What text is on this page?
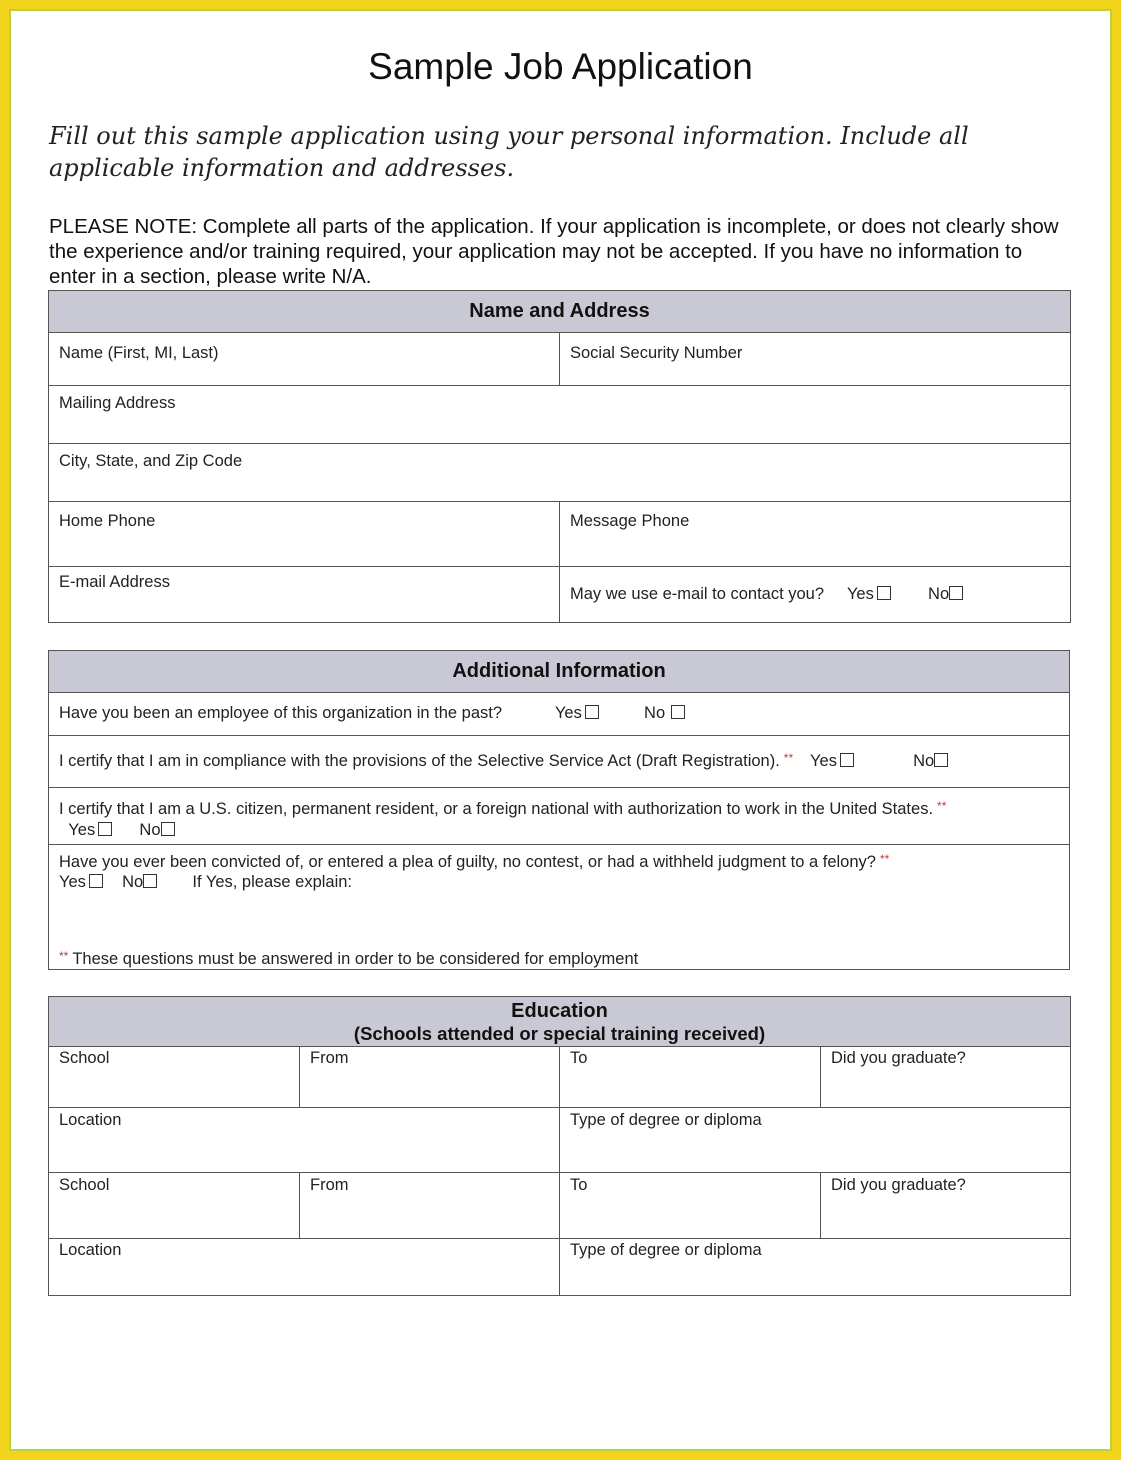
Sample Job Application

Fill out this sample application using your personal information. Include all applicable information and addresses.

PLEASE NOTE: Complete all parts of the application. If your application is incomplete, or does not clearly show the experience and/or training required, your application may not be accepted. If you have no information to enter in a section, please write N/A.

Name and Address	

Name (First, MI, Last)	Social Security Number

Mailing Address	

City, State, and Zip Code	

Home Phone	Message Phone

E-mail Address	May we use e-mail to contact you? Yes No
Additional Information

Have you been an employee of this organization in the past?	Yes	No

I certify that I am in compliance with the provisions of the Selective Service Act (Draft Registration). ** Yes	No

I certify that I am a U.S. citizen, permanent resident, or a foreign national with authorization to work in the United States. **
Yes	No

Have you ever been convicted of, or entered a plea of guilty, no contest, or had a withheld judgment to a felony? **
Yes No	If Yes, please explain:
** These questions must be answered in order to be considered for employment
Education
(Schools attended or special training received)			

School	From	To	Did you graduate?

Location		Type of degree or diploma	

School	From	To	Did you graduate?

Location		Type of degree or diploma	
